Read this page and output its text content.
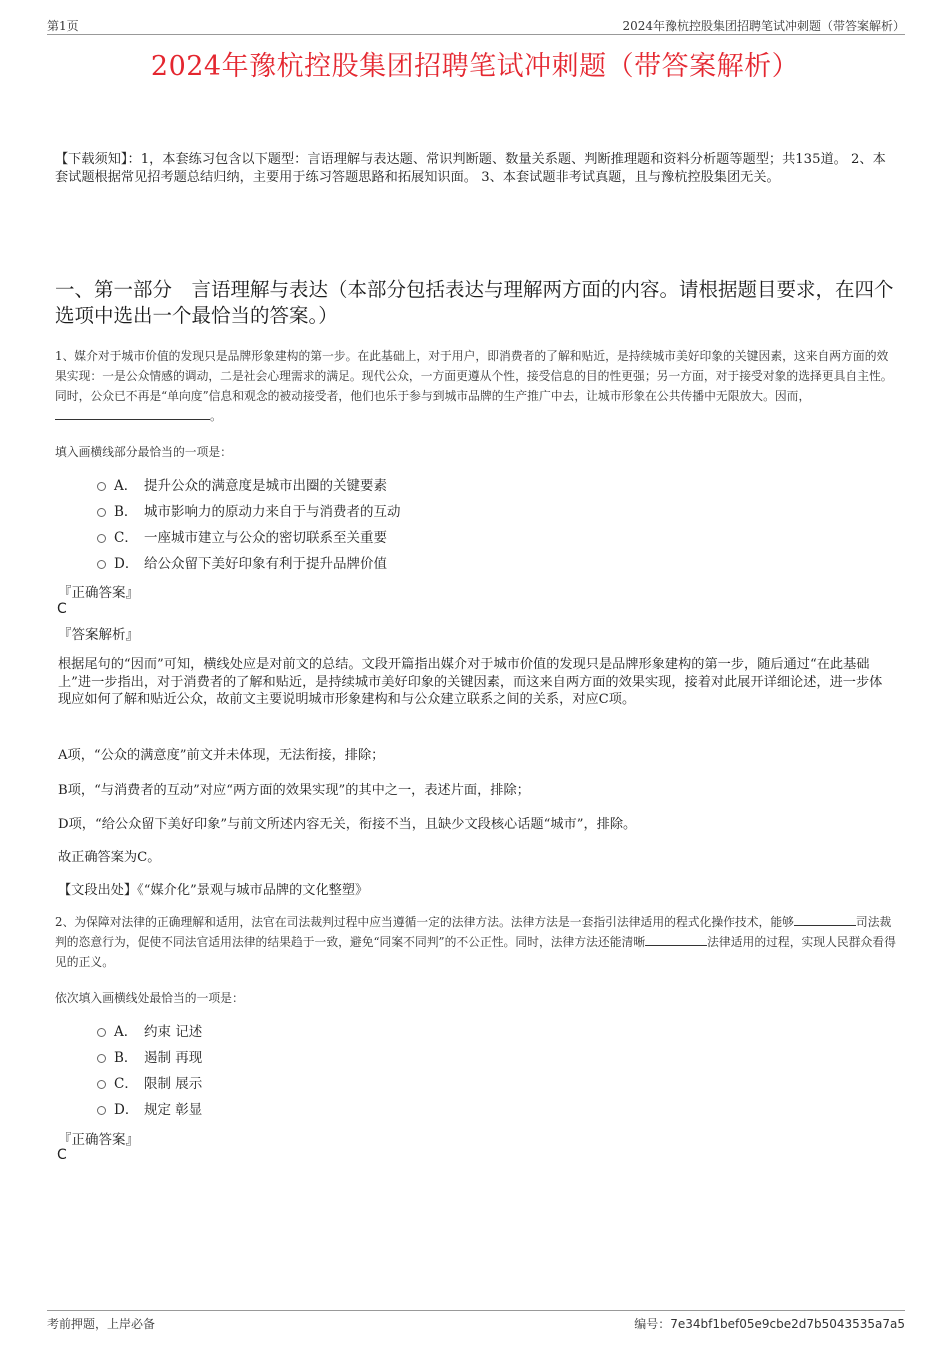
第1页	2024年豫杭控股集团招聘笔试冲刺题（带答案解析）
2024年豫杭控股集团招聘笔试冲刺题（带答案解析）
【下载须知】：1，本套练习包含以下题型：言语理解与表达题、常识判断题、数量关系题、判断推理题和资料分析题等题型；共135道。 2、本套试题根据常见招考题总结归纳，主要用于练习答题思路和拓展知识面。 3、本套试题非考试真题，且与豫杭控股集团无关。
一、第一部分　言语理解与表达（本部分包括表达与理解两方面的内容。请根据题目要求，在四个选项中选出一个最恰当的答案。）
1、媒介对于城市价值的发现只是品牌形象建构的第一步。在此基础上，对于用户，即消费者的了解和贴近，是持续城市美好印象的关键因素，这来自两方面的效果实现：一是公众情感的调动，二是社会心理需求的满足。现代公众，一方面更遵从个性，接受信息的目的性更强；另一方面，对于接受对象的选择更具自主性。同时，公众已不再是“单向度”信息和观念的被动接受者，他们也乐于参与到城市品牌的生产推广中去，让城市形象在公共传播中无限放大。因而，。
填入画横线部分最恰当的一项是：
A． 提升公众的满意度是城市出圈的关键要素
B． 城市影响力的原动力来自于与消费者的互动
C． 一座城市建立与公众的密切联系至关重要
D． 给公众留下美好印象有利于提升品牌价值
『正确答案』
C
『答案解析』
根据尾句的“因而”可知，横线处应是对前文的总结。文段开篇指出媒介对于城市价值的发现只是品牌形象建构的第一步，随后通过“在此基础上”进一步指出，对于消费者的了解和贴近，是持续城市美好印象的关键因素，而这来自两方面的效果实现，接着对此展开详细论述，进一步体现应如何了解和贴近公众，故前文主要说明城市形象建构和与公众建立联系之间的关系，对应C项。
A项，“公众的满意度”前文并未体现，无法衔接，排除；
B项，“与消费者的互动”对应“两方面的效果实现”的其中之一，表述片面，排除；
D项，“给公众留下美好印象”与前文所述内容无关，衔接不当，且缺少文段核心话题“城市”，排除。
故正确答案为C。
【文段出处】《“媒介化”景观与城市品牌的文化整塑》
2、为保障对法律的正确理解和适用，法官在司法裁判过程中应当遵循一定的法律方法。法律方法是一套指引法律适用的程式化操作技术，能够	司法裁判的恣意行为，促使不同法官适用法律的结果趋于一致，避免“同案不同判”的不公正性。同时，法律方法还能清晰	法律适用的过程，实现人民群众看得见的正义。
依次填入画横线处最恰当的一项是：
A． 约束 记述
B． 遏制 再现
C． 限制 展示
D． 规定 彰显
『正确答案』
C
考前押题，上岸必备	编号：7e34bf1bef05e9cbe2d7b5043535a7a5
